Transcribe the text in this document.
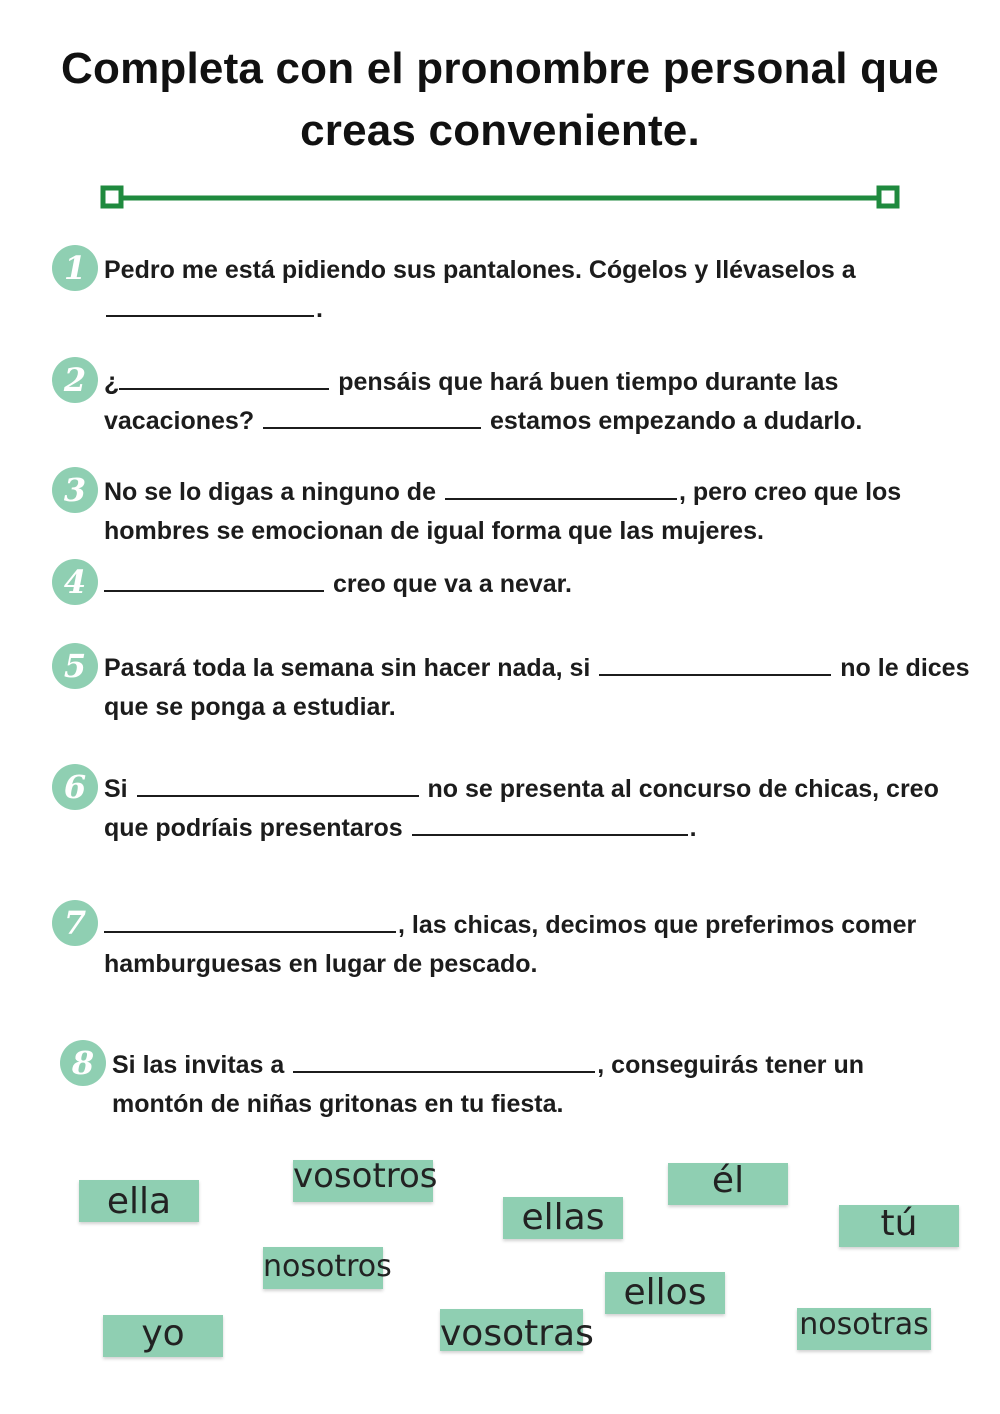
Completa con el pronombre personal que
creas conveniente.
1 Pedro me está pidiendo sus pantalones. Cógelos y llévaselos a .
2 ¿	pensáis que hará buen tiempo durante las vacaciones?	estamos empezando a dudarlo.
3 No se lo digas a ninguno de	, pero creo que los hombres se emocionan de igual forma que las mujeres.
4	creo que va a nevar.
5 Pasará toda la semana sin hacer nada, si	no le dices que se ponga a estudiar.
6 Si	no se presenta al concurso de chicas, creo que podríais presentaros	.
7	, las chicas, decimos que preferimos comer hamburguesas en lugar de pescado.
8 Si las invitas a	, conseguirás tener un montón de niñas gritonas en tu fiesta.
ella
vosotros
ellas
él
tú
nosotros
ellos
yo	vosotras	nosotras
